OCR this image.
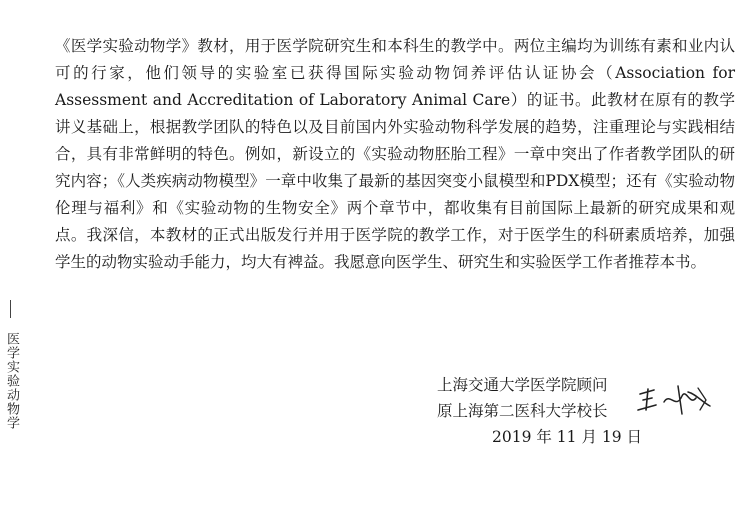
医学实验动物学

《医学实验动物学》教材，用于医学院研究生和本科生的教学中。两位主编均为训练有素和业内认可的行家，他们领导的实验室已获得国际实验动物饲养评估认证协会（Association for Assessment and Accreditation of Laboratory Animal Care）的证书。此教材在原有的教学讲义基础上，根据教学团队的特色以及目前国内外实验动物科学发展的趋势，注重理论与实践相结合，具有非常鲜明的特色。例如，新设立的《实验动物胚胎工程》一章中突出了作者教学团队的研究内容；《人类疾病动物模型》一章中收集了最新的基因突变小鼠模型和PDX模型；还有《实验动物伦理与福利》和《实验动物的生物安全》两个章节中，都收集有目前国际上最新的研究成果和观点。我深信，本教材的正式出版发行并用于医学院的教学工作，对于医学生的科研素质培养，加强学生的动物实验动手能力，均大有裨益。我愿意向医学生、研究生和实验医学工作者推荐本书。

上海交通大学医学院顾问
原上海第二医科大学校长
2019 年 11 月 19 日
